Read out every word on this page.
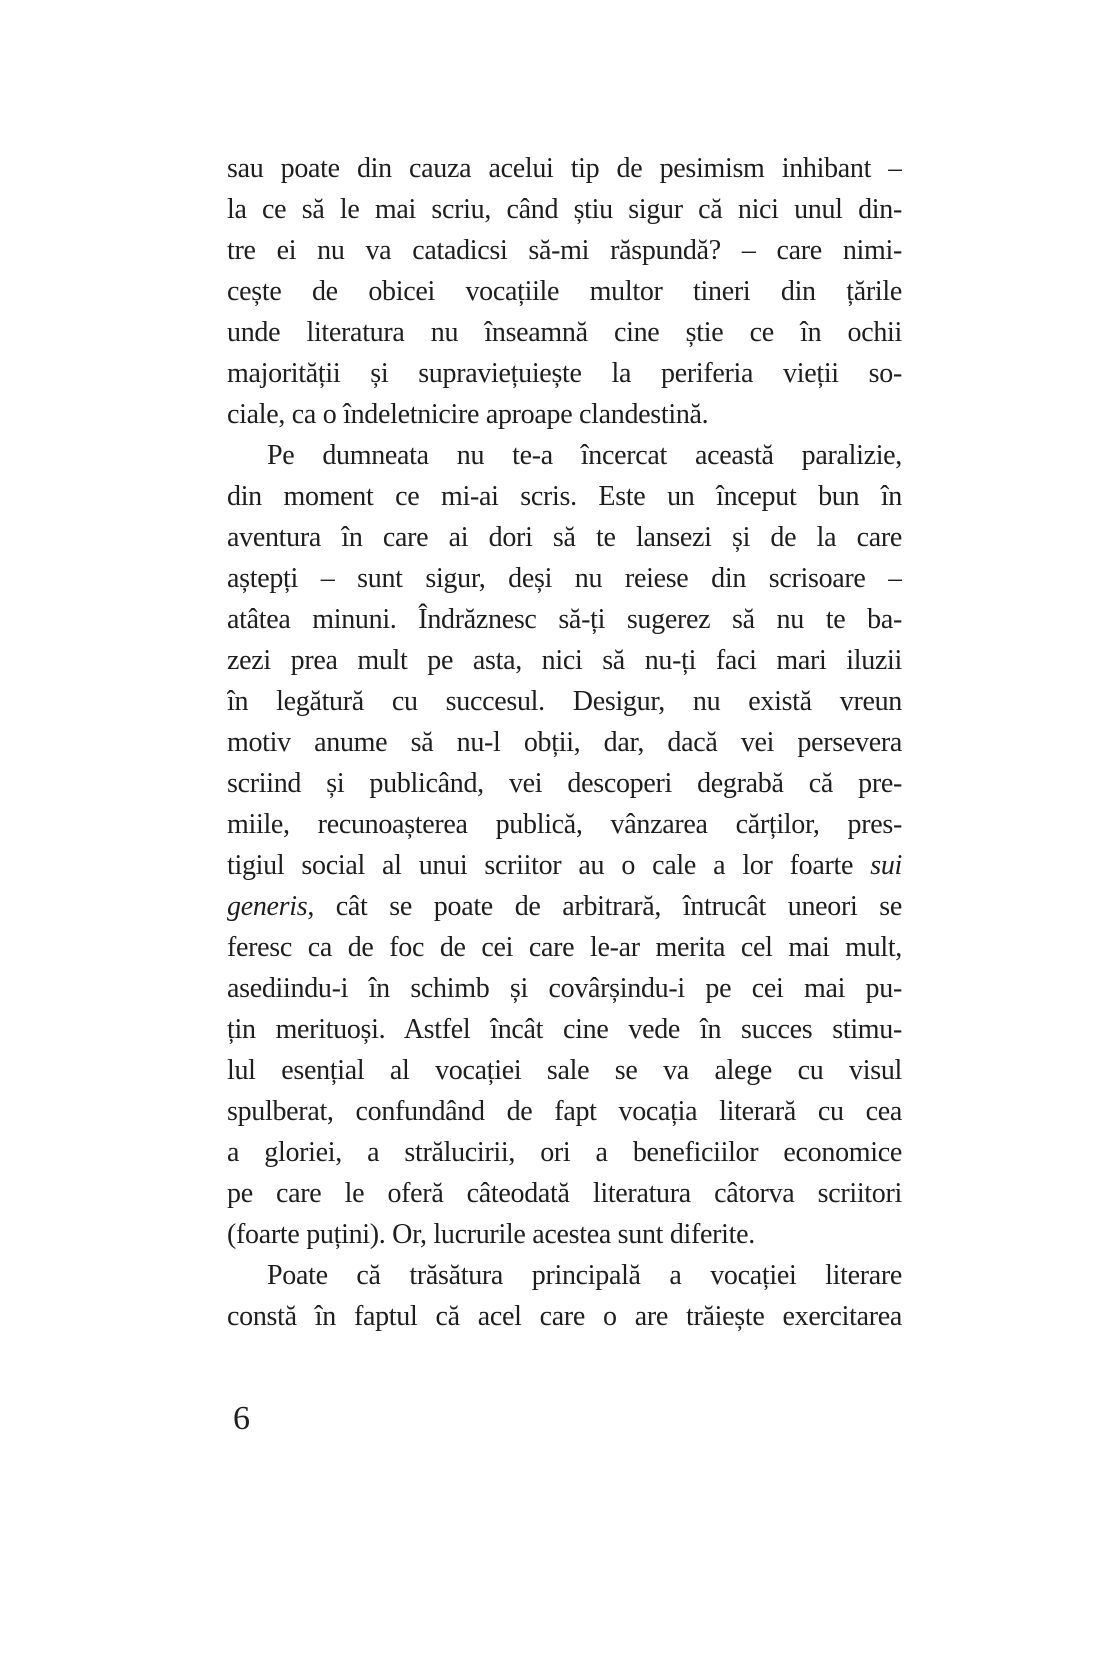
sau poate din cauza acelui tip de pesimism inhibant –
la ce să le mai scriu, când știu sigur că nici unul din-
tre ei nu va catadicsi să-mi răspundă? – care nimi-
cește de obicei vocațiile multor tineri din țările
unde literatura nu înseamnă cine știe ce în ochii
majorității și supraviețuiește la periferia vieții so-
ciale, ca o îndeletnicire aproape clandestină.
Pe dumneata nu te-a încercat această paralizie,
din moment ce mi-ai scris. Este un început bun în
aventura în care ai dori să te lansezi și de la care
aștepți – sunt sigur, deși nu reiese din scrisoare –
atâtea minuni. Îndrăznesc să-ți sugerez să nu te ba-
zezi prea mult pe asta, nici să nu-ți faci mari iluzii
în legătură cu succesul. Desigur, nu există vreun
motiv anume să nu-l obții, dar, dacă vei persevera
scriind și publicând, vei descoperi degrabă că pre-
miile, recunoașterea publică, vânzarea cărților, pres-
tigiul social al unui scriitor au o cale a lor foarte sui
generis, cât se poate de arbitrară, întrucât uneori se
feresc ca de foc de cei care le-ar merita cel mai mult,
asediindu-i în schimb și covârșindu-i pe cei mai pu-
țin merituoși. Astfel încât cine vede în succes stimu-
lul esențial al vocației sale se va alege cu visul
spulberat, confundând de fapt vocația literară cu cea
a gloriei, a strălucirii, ori a beneficiilor economice
pe care le oferă câteodată literatura câtorva scriitori
(foarte puțini). Or, lucrurile acestea sunt diferite.
Poate că trăsătura principală a vocației literare
constă în faptul că acel care o are trăiește exercitarea
6
